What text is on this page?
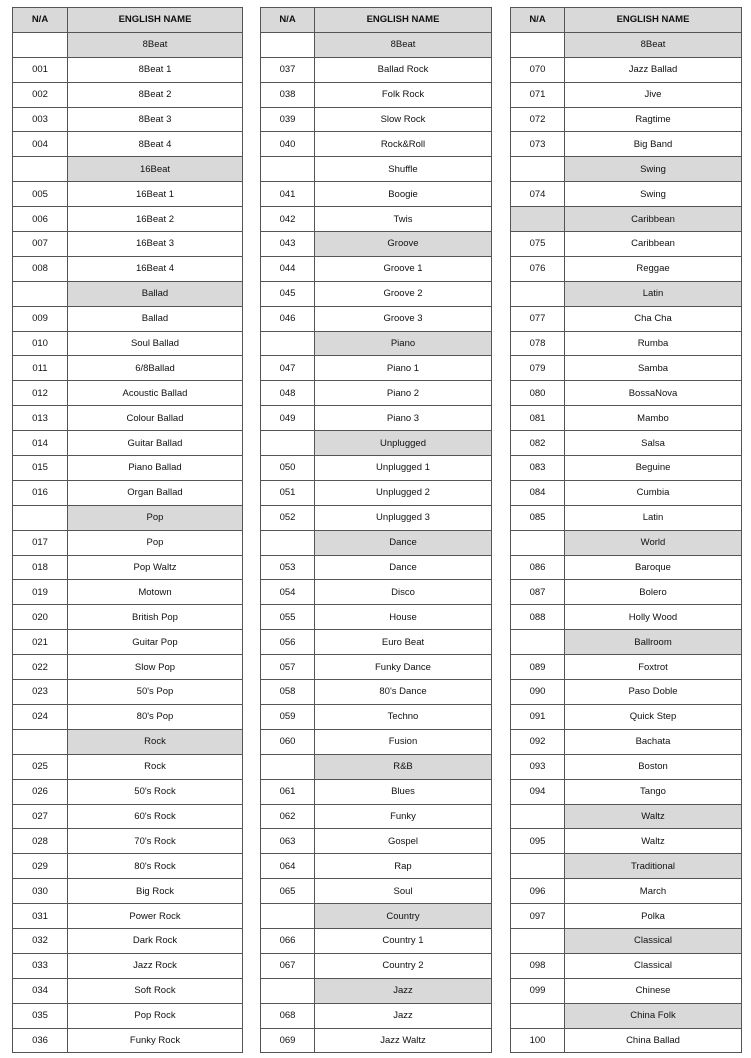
N/A	ENGLISH NAME
	8Beat
001	8Beat 1
002	8Beat 2
003	8Beat 3
004	8Beat 4
	16Beat
005	16Beat 1
006	16Beat 2
007	16Beat 3
008	16Beat 4
	Ballad
009	Ballad
010	Soul Ballad
011	6/8Ballad
012	Acoustic Ballad
013	Colour Ballad
014	Guitar Ballad
015	Piano Ballad
016	Organ Ballad
	Pop
017	Pop
018	Pop Waltz
019	Motown
020	British Pop
021	Guitar Pop
022	Slow Pop
023	50's Pop
024	80's Pop
	Rock
025	Rock
026	50's Rock
027	60's Rock
028	70's Rock
029	80's Rock
030	Big Rock
031	Power Rock
032	Dark Rock
033	Jazz Rock
034	Soft Rock
035	Pop Rock
036	Funky Rock
N/A	ENGLISH NAME
	8Beat
037	Ballad Rock
038	Folk Rock
039	Slow Rock
040	Rock&Roll
	Shuffle
041	Boogie
042	Twis
043	Groove
044	Groove 1
045	Groove 2
046	Groove 3
	Piano
047	Piano 1
048	Piano 2
049	Piano 3
	Unplugged
050	Unplugged 1
051	Unplugged 2
052	Unplugged 3
	Dance
053	Dance
054	Disco
055	House
056	Euro Beat
057	Funky Dance
058	80's Dance
059	Techno
060	Fusion
	R&B
061	Blues
062	Funky
063	Gospel
064	Rap
065	Soul
	Country
066	Country 1
067	Country 2
	Jazz
068	Jazz
069	Jazz Waltz
N/A	ENGLISH NAME
	8Beat
070	Jazz Ballad
071	Jive
072	Ragtime
073	Big Band
	Swing
074	Swing
	Caribbean
075	Caribbean
076	Reggae
	Latin
077	Cha Cha
078	Rumba
079	Samba
080	BossaNova
081	Mambo
082	Salsa
083	Beguine
084	Cumbia
085	Latin
	World
086	Baroque
087	Bolero
088	Holly Wood
	Ballroom
089	Foxtrot
090	Paso Doble
091	Quick Step
092	Bachata
093	Boston
094	Tango
	Waltz
095	Waltz
	Traditional
096	March
097	Polka
	Classical
098	Classical
099	Chinese
	China Folk
100	China Ballad
